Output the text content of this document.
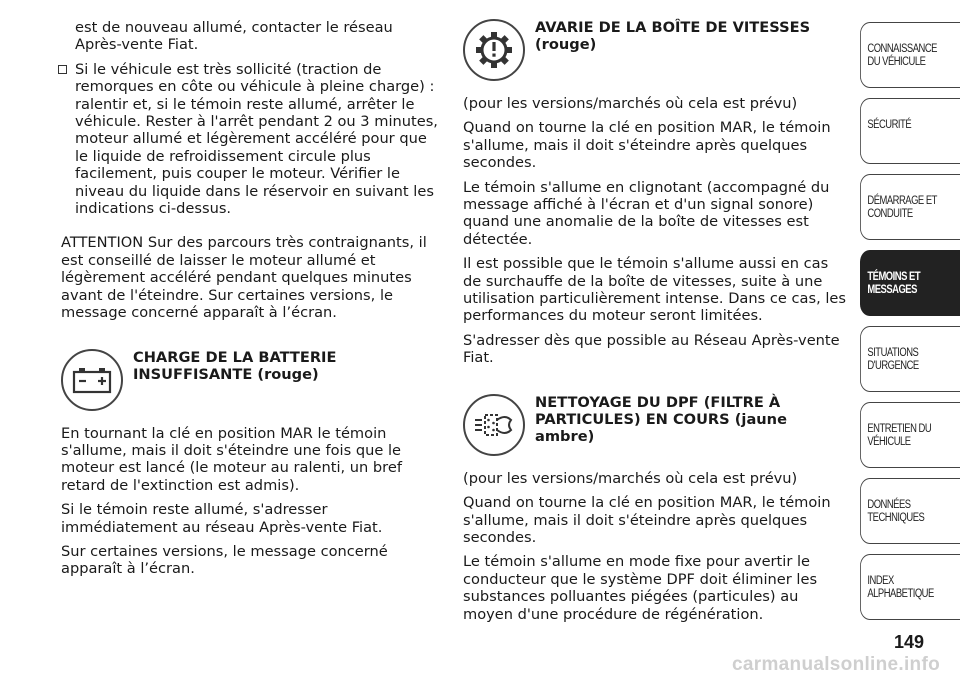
est de nouveau allumé, contacter le réseau
Après-vente Fiat.

Si le véhicule est très sollicité (traction de remorques en côte ou véhicule à pleine charge) : ralentir et, si le témoin reste allumé, arrêter le véhicule. Rester à l'arrêt pendant 2 ou 3 minutes, moteur allumé et légèrement accéléré pour que le liquide de refroidissement circule plus facilement, puis couper le moteur. Vérifier le niveau du liquide dans le réservoir en suivant les indications ci-dessus.

ATTENTION Sur des parcours très contraignants, il est conseillé de laisser le moteur allumé et légèrement accéléré pendant quelques minutes avant de l'éteindre. Sur certaines versions, le message concerné apparaît à l’écran.

CHARGE DE LA BATTERIE INSUFFISANTE (rouge)

En tournant la clé en position MAR le témoin s'allume, mais il doit s'éteindre une fois que le moteur est lancé (le moteur au ralenti, un bref retard de l'extinction est admis).

Si le témoin reste allumé, s'adresser immédiatement au réseau Après-vente Fiat.

Sur certaines versions, le message concerné apparaît à l’écran.

AVARIE DE LA BOÎTE DE VITESSES (rouge)

(pour les versions/marchés où cela est prévu)

Quand on tourne la clé en position MAR, le témoin s'allume, mais il doit s'éteindre après quelques secondes.

Le témoin s'allume en clignotant (accompagné du message affiché à l'écran et d'un signal sonore) quand une anomalie de la boîte de vitesses est détectée.

Il est possible que le témoin s'allume aussi en cas de surchauffe de la boîte de vitesses, suite à une utilisation particulièrement intense. Dans ce cas, les performances du moteur seront limitées.

S'adresser dès que possible au Réseau Après-vente Fiat.

NETTOYAGE DU DPF (FILTRE À PARTICULES) EN COURS (jaune ambre)

(pour les versions/marchés où cela est prévu)

Quand on tourne la clé en position MAR, le témoin s'allume, mais il doit s'éteindre après quelques secondes.

Le témoin s'allume en mode fixe pour avertir le conducteur que le système DPF doit éliminer les substances polluantes piégées (particules) au moyen d'une procédure de régénération.

CONNAISSANCE
DU VÉHICULE
SÉCURITÉ
DÉMARRAGE ET
CONDUITE
TÉMOINS ET
MESSAGES
SITUATIONS
D'URGENCE
ENTRETIEN DU
VÉHICULE
DONNÉES
TECHNIQUES
INDEX
ALPHABETIQUE
149
carmanualsonline.info
